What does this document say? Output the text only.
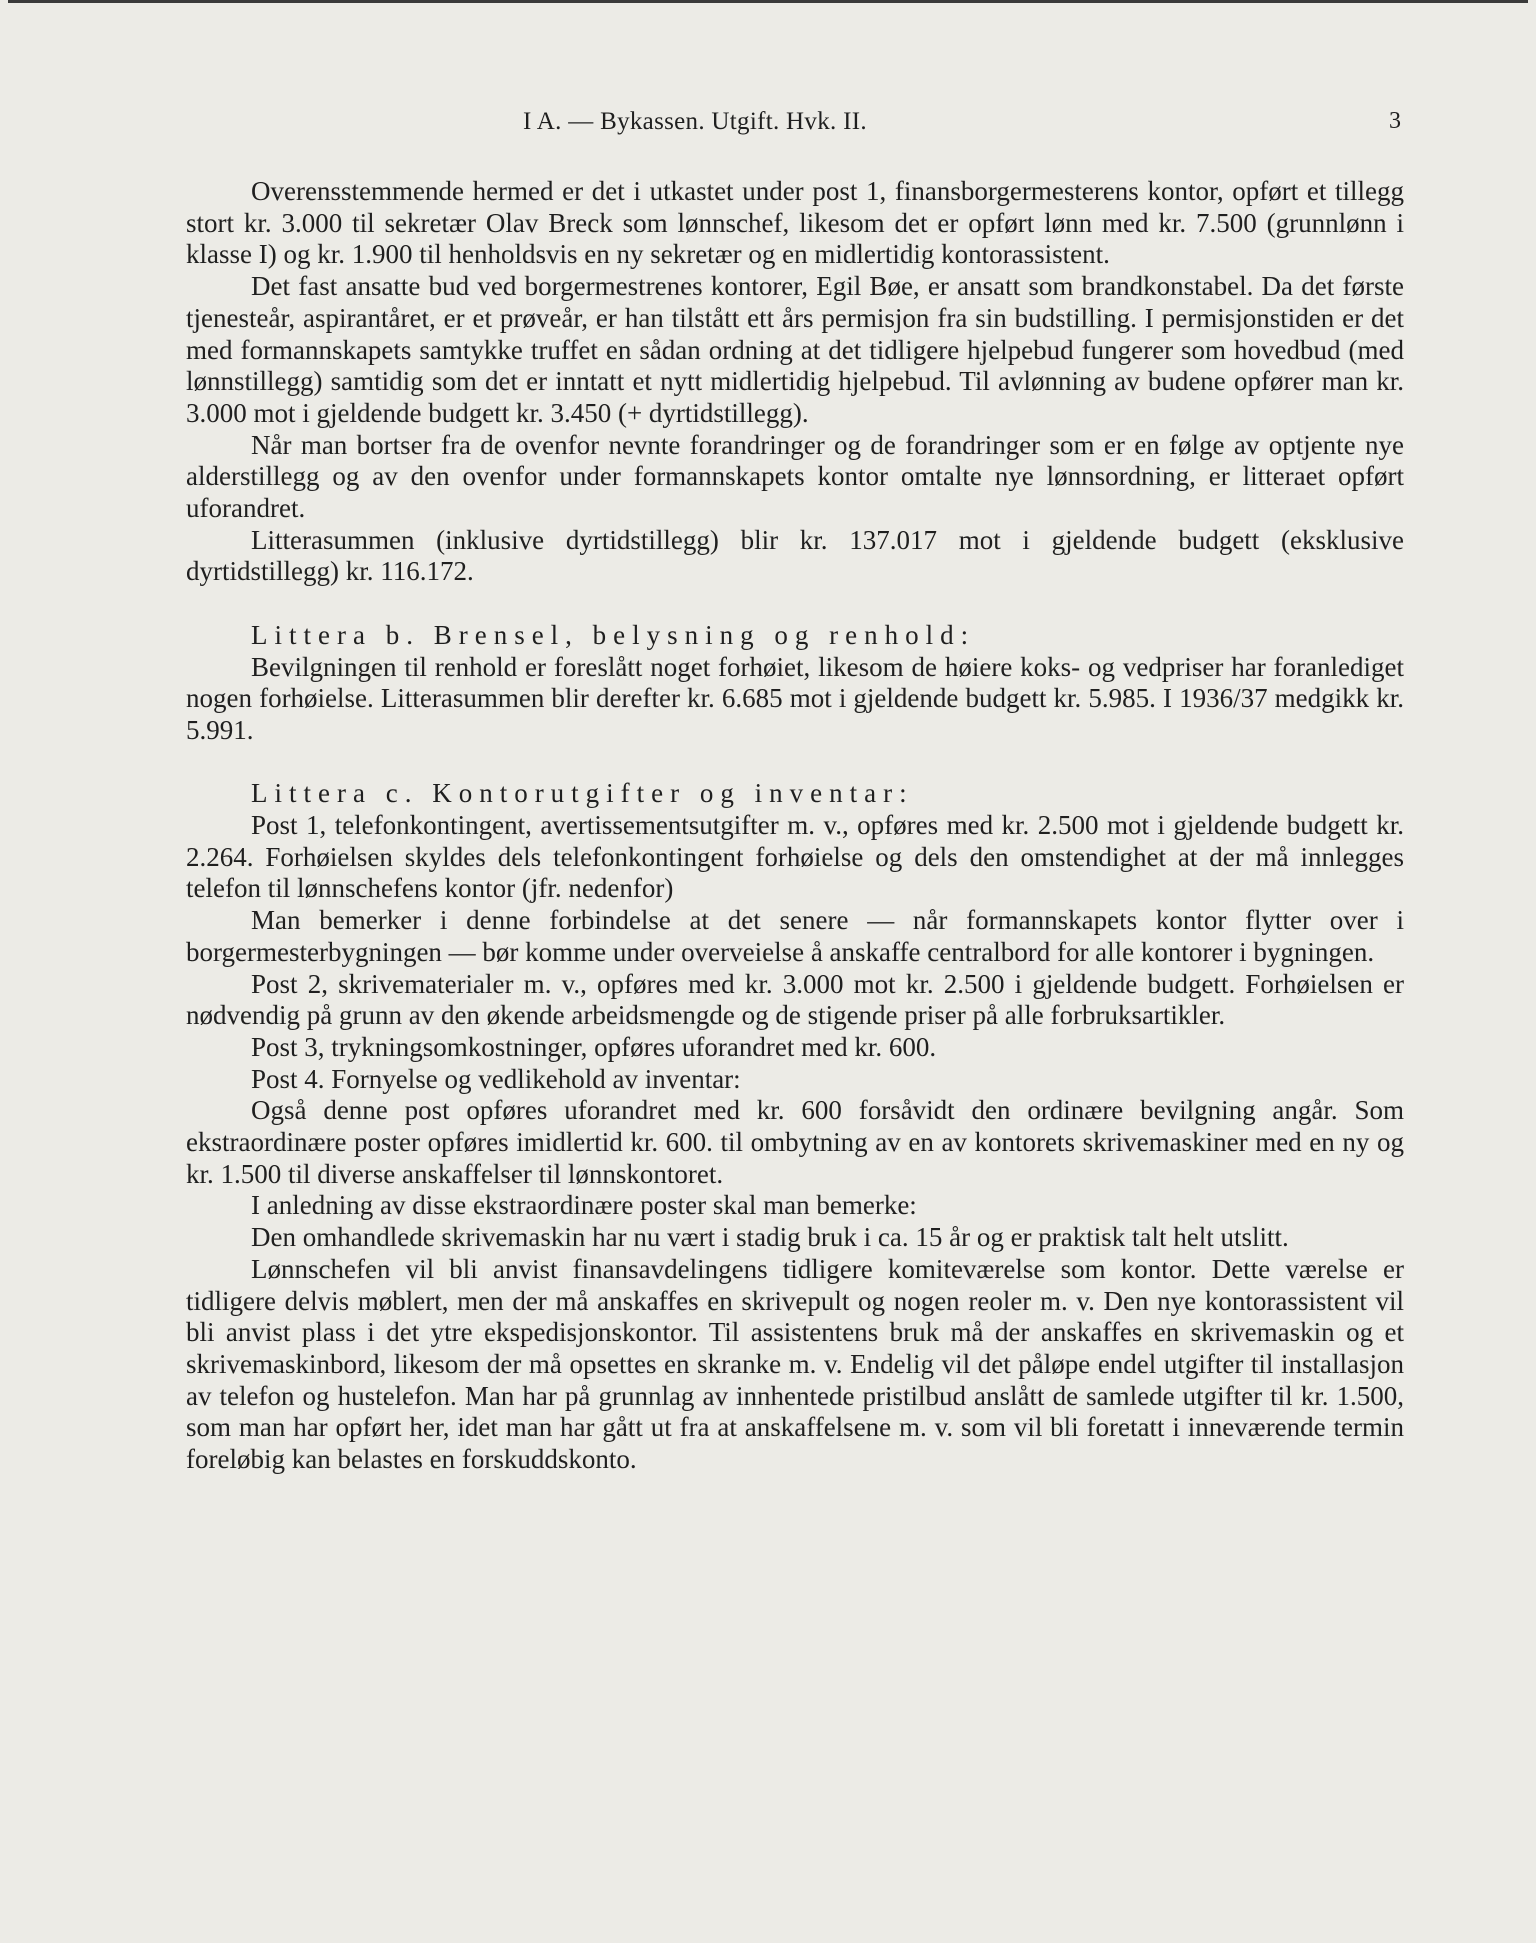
I A. — Bykassen. Utgift. Hvk. II.	3

Overensstemmende hermed er det i utkastet under post 1, finansborgermesterens kontor, opført et tillegg stort kr. 3.000 til sekretær Olav Breck som lønnschef, likesom det er opført lønn med kr. 7.500 (grunnlønn i klasse I) og kr. 1.900 til henholdsvis en ny sekretær og en midlertidig kontorassistent.

Det fast ansatte bud ved borgermestrenes kontorer, Egil Bøe, er ansatt som brandkonstabel. Da det første tjenesteår, aspirantåret, er et prøveår, er han tilstått ett års permisjon fra sin budstilling. I permisjonstiden er det med formannskapets samtykke truffet en sådan ordning at det tidligere hjelpebud fungerer som hovedbud (med lønnstillegg) samtidig som det er inntatt et nytt midlertidig hjelpebud. Til avlønning av budene opfører man kr. 3.000 mot i gjeldende budgett kr. 3.450 (+ dyrtidstillegg).

Når man bortser fra de ovenfor nevnte forandringer og de forandringer som er en følge av optjente nye alderstillegg og av den ovenfor under formannskapets kontor omtalte nye lønnsordning, er litteraet opført uforandret.

Litterasummen (inklusive dyrtidstillegg) blir kr. 137.017 mot i gjeldende budgett (eksklusive dyrtidstillegg) kr. 116.172.

Littera b. Brensel, belysning og renhold:

Bevilgningen til renhold er foreslått noget forhøiet, likesom de høiere koks- og vedpriser har foranlediget nogen forhøielse. Litterasummen blir derefter kr. 6.685 mot i gjeldende budgett kr. 5.985. I 1936/37 medgikk kr. 5.991.

Littera c. Kontorutgifter og inventar:

Post 1, telefonkontingent, avertissementsutgifter m. v., opføres med kr. 2.500 mot i gjeldende budgett kr. 2.264. Forhøielsen skyldes dels telefonkontingent forhøielse og dels den omstendighet at der må innlegges telefon til lønnschefens kontor (jfr. nedenfor)

Man bemerker i denne forbindelse at det senere — når formannskapets kontor flytter over i borgermesterbygningen — bør komme under overveielse å anskaffe centralbord for alle kontorer i bygningen.

Post 2, skrivematerialer m. v., opføres med kr. 3.000 mot kr. 2.500 i gjeldende budgett. Forhøielsen er nødvendig på grunn av den økende arbeidsmengde og de stigende priser på alle forbruksartikler.

Post 3, trykningsomkostninger, opføres uforandret med kr. 600.

Post 4. Fornyelse og vedlikehold av inventar:

Også denne post opføres uforandret med kr. 600 forsåvidt den ordinære bevilgning angår. Som ekstraordinære poster opføres imidlertid kr. 600. til ombytning av en av kontorets skrivemaskiner med en ny og kr. 1.500 til diverse anskaffelser til lønnskontoret.

I anledning av disse ekstraordinære poster skal man bemerke:

Den omhandlede skrivemaskin har nu vært i stadig bruk i ca. 15 år og er praktisk talt helt utslitt.

Lønnschefen vil bli anvist finansavdelingens tidligere komiteværelse som kontor. Dette værelse er tidligere delvis møblert, men der må anskaffes en skrivepult og nogen reoler m. v. Den nye kontorassistent vil bli anvist plass i det ytre ekspedisjonskontor. Til assistentens bruk må der anskaffes en skrivemaskin og et skrivemaskinbord, likesom der må opsettes en skranke m. v. Endelig vil det påløpe endel utgifter til installasjon av telefon og hustelefon. Man har på grunnlag av innhentede pristilbud anslått de samlede utgifter til kr. 1.500, som man har opført her, idet man har gått ut fra at anskaffelsene m. v. som vil bli foretatt i inneværende termin foreløbig kan belastes en forskuddskonto.
